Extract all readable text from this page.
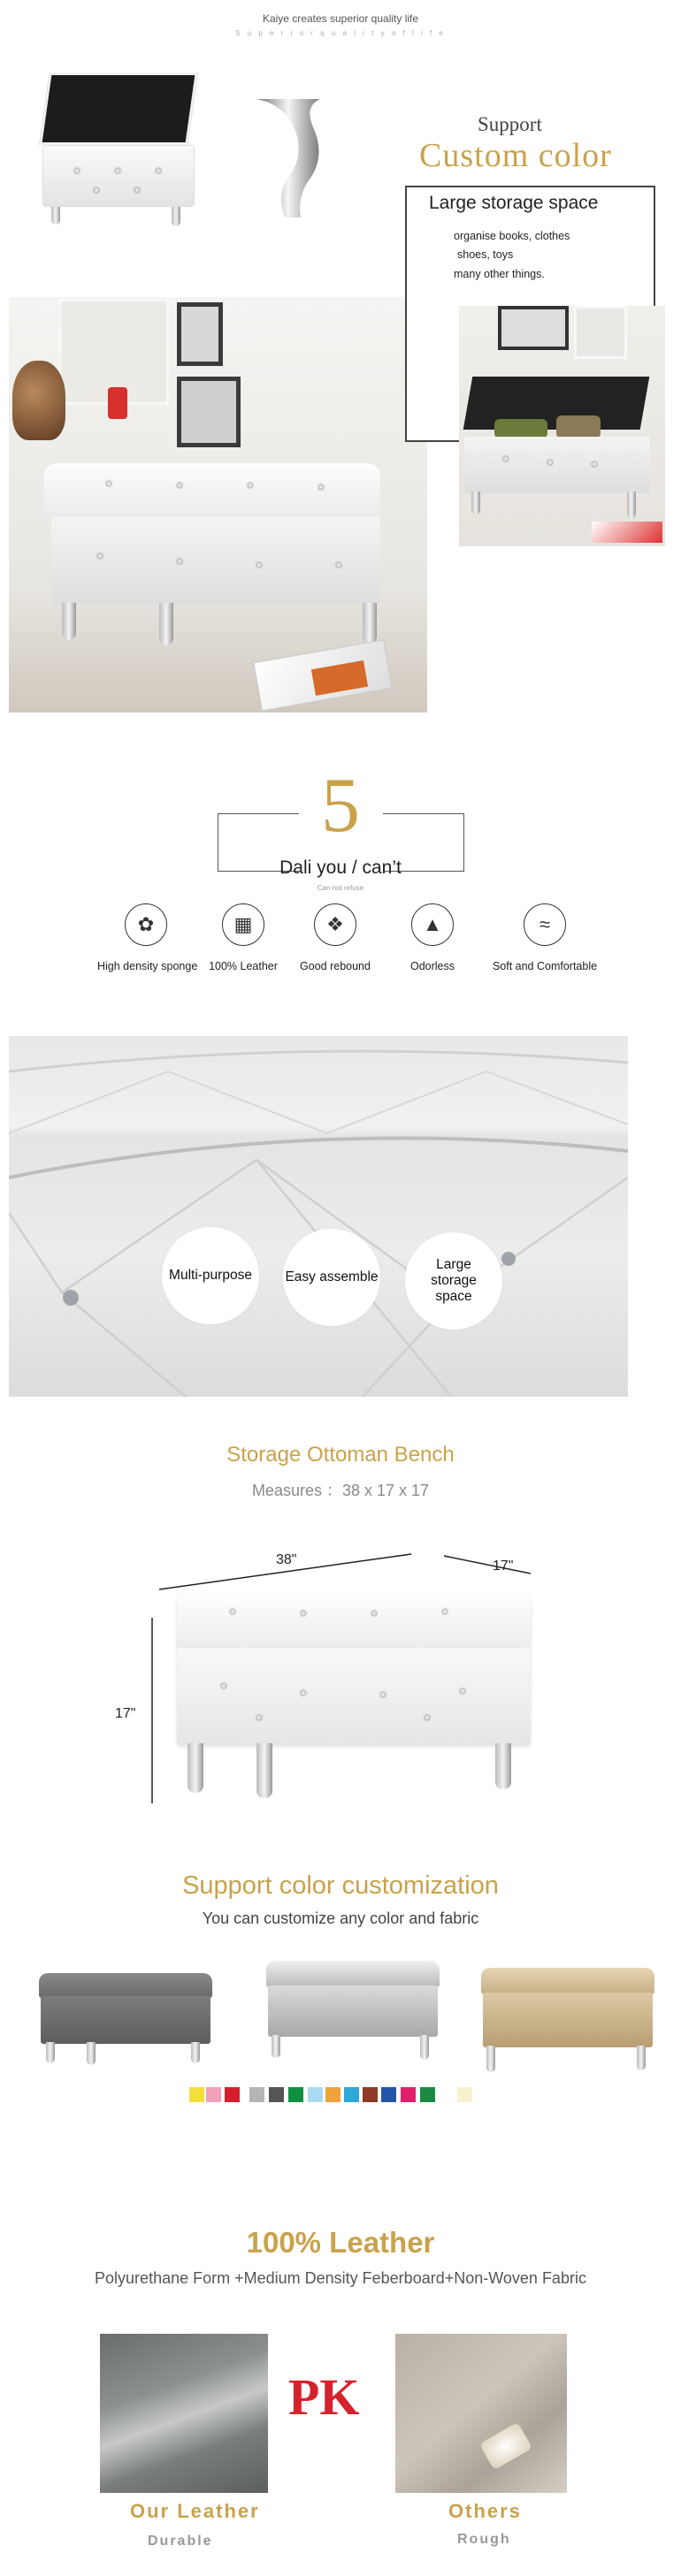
Kaiye creates superior quality life
S u p e r i o r q u a l i t y o f l i f e
Support
Custom color
Large storage space
organise books, clothes
shoes, toys
many other things.
5
Dali you / can’t
Can not refuse
✿
High density sponge
▦
100% Leather
❖
Good rebound
▲
Odorless
≈
Soft and Comfortable
Multi-purpose	Easy assemble
Large storage space
Storage Ottoman Bench
Measures ：38 x 17 x 17
38"	17"
17"
Support color customization
You can customize any color and fabric
100% Leather
Polyurethane Form +Medium Density Feberboard+Non-Woven Fabric
PK
Our Leather
Durable
Others
Rough
